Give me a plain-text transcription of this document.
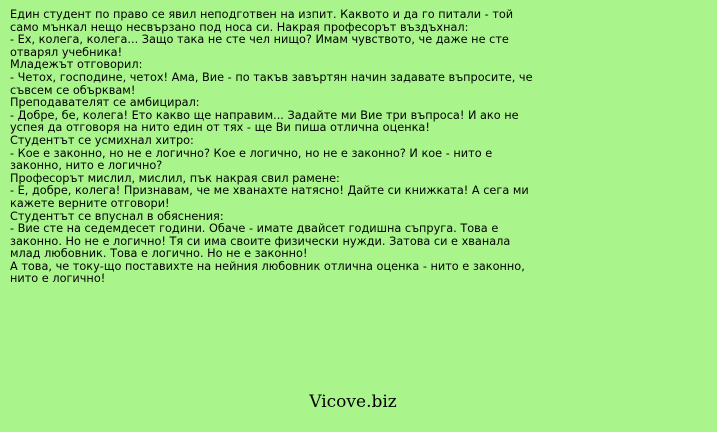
Един студент по право се явил неподготвен на изпит. Каквото и да го питали - той
само мънкал нещо несвързано под носа си. Накрая професорът въздъхнал:
- Ех, колега, колега... Защо така не сте чел нищо? Имам чувството, че даже не сте
отварял учебника!
Младежът отговорил:
- Четох, господине, четох! Ама, Вие - по такъв завъртян начин задавате въпросите, че
съвсем се обърквам!
Преподавателят се амбицирал:
- Добре, бе, колега! Ето какво ще направим... Задайте ми Вие три въпроса! И ако не
успея да отговоря на нито един от тях - ще Ви пиша отлична оценка!
Студентът се усмихнал хитро:
- Кое е законно, но не е логично? Кое е логично, но не е законно? И кое - нито е
законно, нито е логично?
Професорът мислил, мислил, пък накрая свил рамене:
- Е, добре, колега! Признавам, че ме хванахте натясно! Дайте си книжката! А сега ми
кажете верните отговори!
Студентът се впуснал в обяснения:
- Вие сте на седемдесет години. Обаче - имате двайсет годишна съпруга. Това е
законно. Но не е логично! Тя си има своите физически нужди. Затова си е хванала
млад любовник. Това е логично. Но не е законно!
А това, че току-що поставихте на нейния любовник отлична оценка - нито е законно,
нито е логично!
Vicove.biz
